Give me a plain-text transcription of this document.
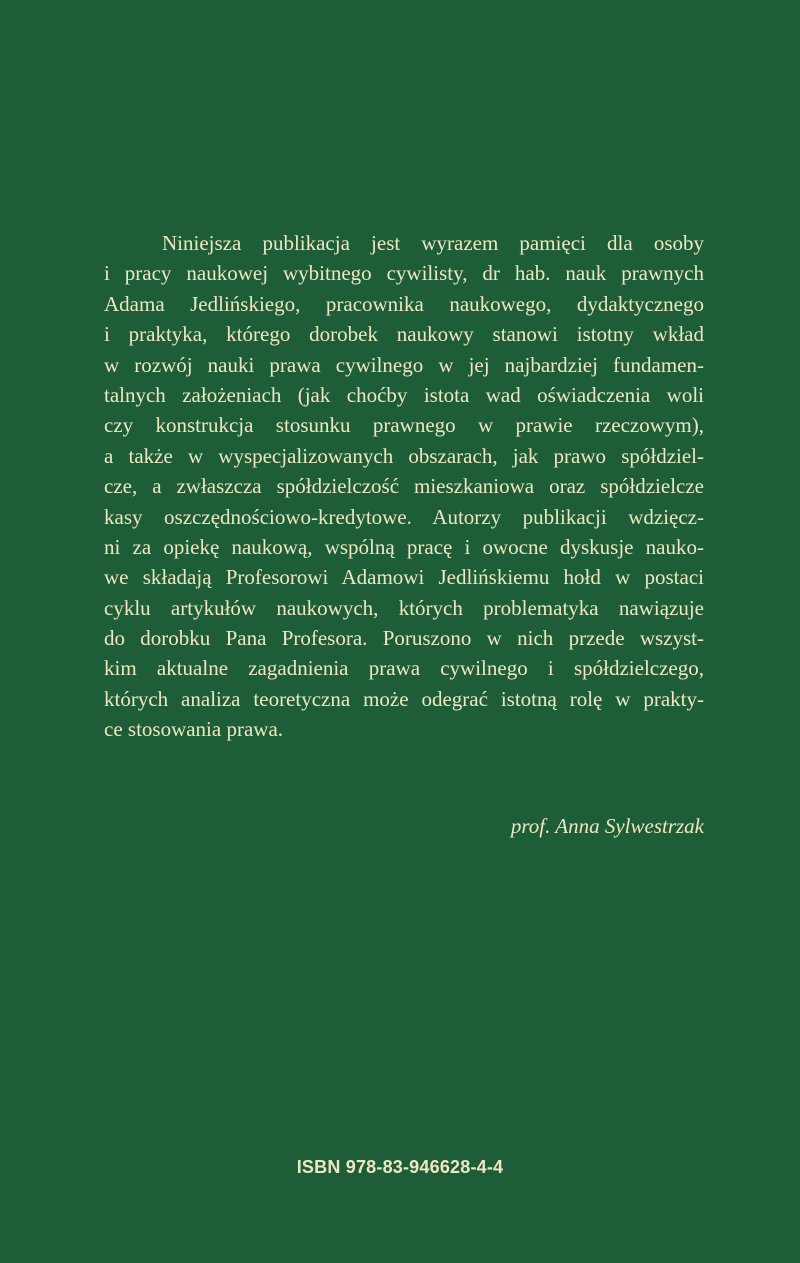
Niniejsza publikacja jest wyrazem pamięci dla osoby
i pracy naukowej wybitnego cywilisty, dr hab. nauk prawnych
Adama Jedlińskiego, pracownika naukowego, dydaktycznego
i praktyka, którego dorobek naukowy stanowi istotny wkład
w rozwój nauki prawa cywilnego w jej najbardziej fundamen-
talnych założeniach (jak choćby istota wad oświadczenia woli
czy konstrukcja stosunku prawnego w prawie rzeczowym),
a także w wyspecjalizowanych obszarach, jak prawo spółdziel-
cze, a zwłaszcza spółdzielczość mieszkaniowa oraz spółdzielcze
kasy oszczędnościowo-kredytowe. Autorzy publikacji wdzięcz-
ni za opiekę naukową, wspólną pracę i owocne dyskusje nauko-
we składają Profesorowi Adamowi Jedlińskiemu hołd w postaci
cyklu artykułów naukowych, których problematyka nawiązuje
do dorobku Pana Profesora. Poruszono w nich przede wszyst-
kim aktualne zagadnienia prawa cywilnego i spółdzielczego,
których analiza teoretyczna może odegrać istotną rolę w prakty-
ce stosowania prawa.

prof. Anna Sylwestrzak

ISBN 978-83-946628-4-4
